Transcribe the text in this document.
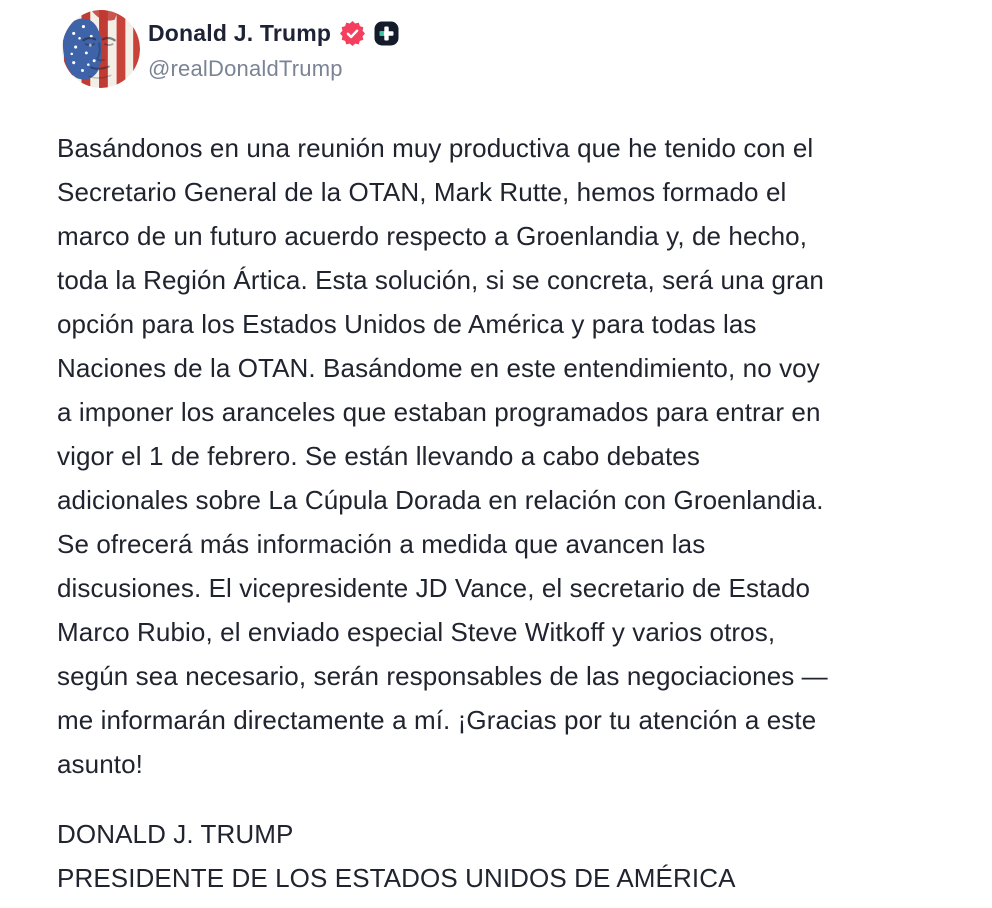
Donald J. Trump
@realDonaldTrump
Basándonos en una reunión muy productiva que he tenido con el
Secretario General de la OTAN, Mark Rutte, hemos formado el
marco de un futuro acuerdo respecto a Groenlandia y, de hecho,
toda la Región Ártica. Esta solución, si se concreta, será una gran
opción para los Estados Unidos de América y para todas las
Naciones de la OTAN. Basándome en este entendimiento, no voy
a imponer los aranceles que estaban programados para entrar en
vigor el 1 de febrero. Se están llevando a cabo debates
adicionales sobre La Cúpula Dorada en relación con Groenlandia.
Se ofrecerá más información a medida que avancen las
discusiones. El vicepresidente JD Vance, el secretario de Estado
Marco Rubio, el enviado especial Steve Witkoff y varios otros,
según sea necesario, serán responsables de las negociaciones —
me informarán directamente a mí. ¡Gracias por tu atención a este
asunto!
DONALD J. TRUMP
PRESIDENTE DE LOS ESTADOS UNIDOS DE AMÉRICA
